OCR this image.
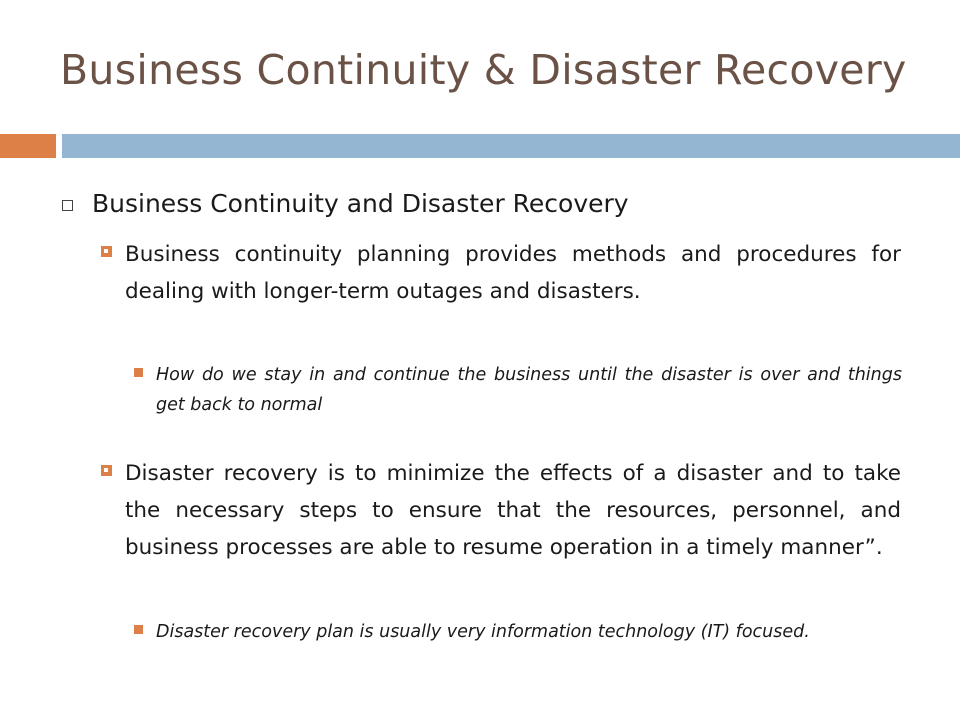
Business Continuity & Disaster Recovery
Business Continuity and Disaster Recovery
Business continuity planning provides methods and procedures for dealing with longer-term outages and disasters.
How do we stay in and continue the business until the disaster is over and things get back to normal
Disaster recovery is to minimize the effects of a disaster and to take the necessary steps to ensure that the resources, personnel, and business processes are able to resume operation in a timely manner”.
Disaster recovery plan is usually very information technology (IT) focused.
